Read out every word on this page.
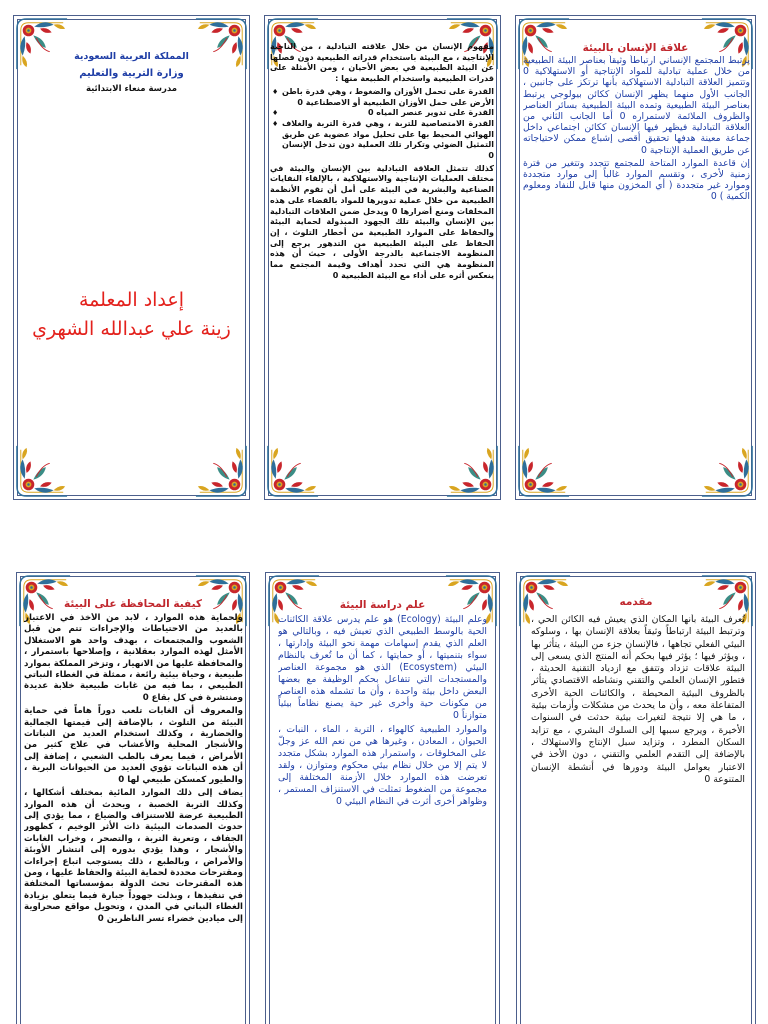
المملكة العربية السعودية
وزارة التربية والتعليم
مدرسة منعاء الابتدائية
إعداد المعلمة
زينة علي عبدالله الشهري

مفهوم الإنسان من خلال علاقته التبادلية ، من الناحية الإنتاجية ، مع البيئة باستخدام قدراته الطبيعية دون فصلها عن البيئة الطبيعية في بعض الأحيان ، ومن الأمثلة على قدرات الطبيعية واستخدام الطبيعة منها :

♦ القدرة على تحمل الأوزان والضغوط ، وهي قدرة باطن الأرض على حمل الأوزان الطبيعية أو الاصطناعية 0
♦ القدرة على تدوير عنصر المياه 0
♦ القدرة الامتصاصية للتربة ، وهي قدرة التربة والغلاف الهوائي المحيط بها على تحليل مواد عضوية عن طريق التمثيل الضوئي وتكرار تلك العملية دون تدخل الإنسان 0

كذلك تتمثل العلاقة التبادلية بين الإنسان والبيئة في مختلف العمليات الإنتاجية والاستهلاكية ، بالإلقاء النفايات الصناعية والبشرية في البيئة على أمل أن تقوم الأنظمة الطبيعية من خلال عملية تدويرها للمواد بالقضاء على هذه المخلفات ومنع أضرارها 0 ويدخل ضمن العلاقات التبادلية بين الإنسان والبيئة تلك الجهود المبذولة لحماية البيئة والحفاظ على الموارد الطبيعية من أخطار التلوث ، إن الحفاظ على البيئة الطبيعية من التدهور يرجع إلى المنظومة الاجتماعية بالدرجة الأولى ، حيث أن هذه المنظومة هي التي تحدد أهداف وقيمة المجتمع مما ينعكس أثره على أداء مع البيئة الطبيعية 0

علاقة الإنسان بالبيئة

يرتبط المجتمع الإنساني ارتباطاً وثيقاً بعناصر البيئة الطبيعية من خلال عملية تبادلية للمواد الإنتاجية أو الاستهلاكية 0 وتتميز العلاقة التبادلية الاستهلاكية بأنها ترتكز على جانبين ، الجانب الأول منهما يظهر الإنسان ككائن بيولوجي يرتبط بعناصر البيئة الطبيعية وتمده البيئة الطبيعية بسائر العناصر والظروف الملائمة لاستمراره 0 أما الجانب الثاني من العلاقة التبادلية فيظهر فيها الإنسان ككائن اجتماعي داخل جماعة معينة هدفها تحقيق أقصى إشباع ممكن لاحتياجاته عن طريق العملية الإنتاجية 0

إن قاعدة الموارد المتاحة للمجتمع تتجدد وتتغير من فترة زمنية لأخرى ، وتقسم الموارد غالباً إلى موارد متجددة وموارد غير متجددة ( أي المخزون منها قابل للنفاد ومعلوم الكمية ) 0

كيفية المحافظة على البيئة

ولحماية هذه الموارد ، لابد من الأخذ في الاعتبار بالعديد من الاحتياطات والإجراءات تتم من قبل الشعوب والمجتمعات ، بهدف واحد هو الاستغلال الأمثل لهذه الموارد بعقلانية ، وإصلاحها باستمرار ، والمحافظة عليها من الانهيار ، وتزخر المملكة بموارد طبيعية ، وحياة بيئية رائعة ، ممثلة في الغطاء النباتي الطبيعي ، بما فيه من غابات طبيعية خلابة عديدة ومنتشرة في كل بقاع 0

والمعروف أن الغابات تلعب دوراً هاماً في حماية البيئة من التلوث ، بالإضافة إلى قيمتها الجمالية والحضارية ، وكذلك استخدام العديد من النباتات والأشجار المحلية والأعشاب في علاج كثير من الأمراض ، فيما يعرف بالطب الشعبي ، إضافة إلى أن هذه النباتات تؤوي العديد من الحيوانات البرية ، والطيور كمسكن طبيعي لها 0

يضاف إلى ذلك الموارد المائية بمختلف أشكالها ، وكذلك التربة الخصبة ، ويحدث أن هذه الموارد الطبيعية عرضة للاستنزاف والضياع ، مما يؤدي إلى حدوث الصدمات البيئية ذات الأثر الوخيم ، كظهور الجفاف ، وتعرية التربة ، والتصحر ، وخراب الغابات والأشجار ، وهذا يؤدي بدوره إلى انتشار الأوبئة والأمراض ، وبالطبع ، ذلك يستوجب اتباع إجراءات ومقترحات محددة لحماية البيئة والحفاظ عليها ، ومن هذه المقترحات تحث الدولة بمؤسساتها المختلفة في تنفيذها ، وبذلت جهوداً جبارة فيما يتعلق بزيادة الغطاء النباتي في المدن ، وتحويل مواقع صحراوية إلى ميادين خضراء تسر الناظرين 0

علم دراسة البيئة

وعلم البيئة (Ecology) هو علم يدرس علاقة الكائنات الحية بالوسط الطبيعي الذي تعيش فيه ، وبالتالي هو العلم الذي يقدم إسهامات مهمة نحو البيئة وإدارتها ، سواء بتنميتها ، أو حمايتها ، كما أن ما تُعرف بالنظام البيئي (Ecosystem) الذي هو مجموعة العناصر والمستجدات التي تتفاعل بحكم الوظيفة مع بعضها البعض داخل بيئة واحدة ، وأن ما تشمله هذه العناصر من مكونات حية وأخرى غير حية يصنع نظاماً بيئياً متوازناً 0

والموارد الطبيعية كالهواء ، التربة ، الماء ، النبات ، الحيوان ، المعادن ، وغيرها هي من نعم الله عز وجلّ على المخلوقات ، واستمرار هذه الموارد بشكل متجدد لا يتم إلا من خلال نظام بيئي محكوم ومتوازن ، ولقد تعرضت هذه الموارد خلال الأزمنة المختلفة إلى مجموعة من الضغوط تمثلت في الاستنزاف المستمر ، وظواهر أخرى أثرت في النظام البيئي 0

مقدمه

تُعرف البيئة بأنها المكان الذي يعيش فيه الكائن الحي ، وترتبط البيئة ارتباطاً وثيقاً بعلاقة الإنسان بها ، وسلوكه البيئي الفعلي تجاهها ، فالإنسان جزء من البيئة ، يتأثر بها ، ويؤثر فيها ؛ يؤثر فيها بحكم أنه المنتج الذي يسعى إلى البيئة علاقات تزداد وتتفق مع ازدياد التقنية الحديثة ، فتطور الإنسان العلمي والتقني ونشاطه الاقتصادي يتأثر بالظروف البيئية المحيطة ، والكائنات الحية الأخرى المتفاعلة معه ، وأن ما يحدث من مشكلات وأزمات بيئية ، ما هي إلا نتيجة لتغيرات بيئية حدثت في السنوات الأخيرة ، ويرجع سببها إلى السلوك البشري ، مع تزايد السكان المطرد ، وتزايد سبل الإنتاج والاستهلاك ، بالإضافة إلى التقدم العلمي والتقني ، دون الأخذ في الاعتبار بعوامل البيئة ودورها في أنشطة الإنسان المتنوعة 0
